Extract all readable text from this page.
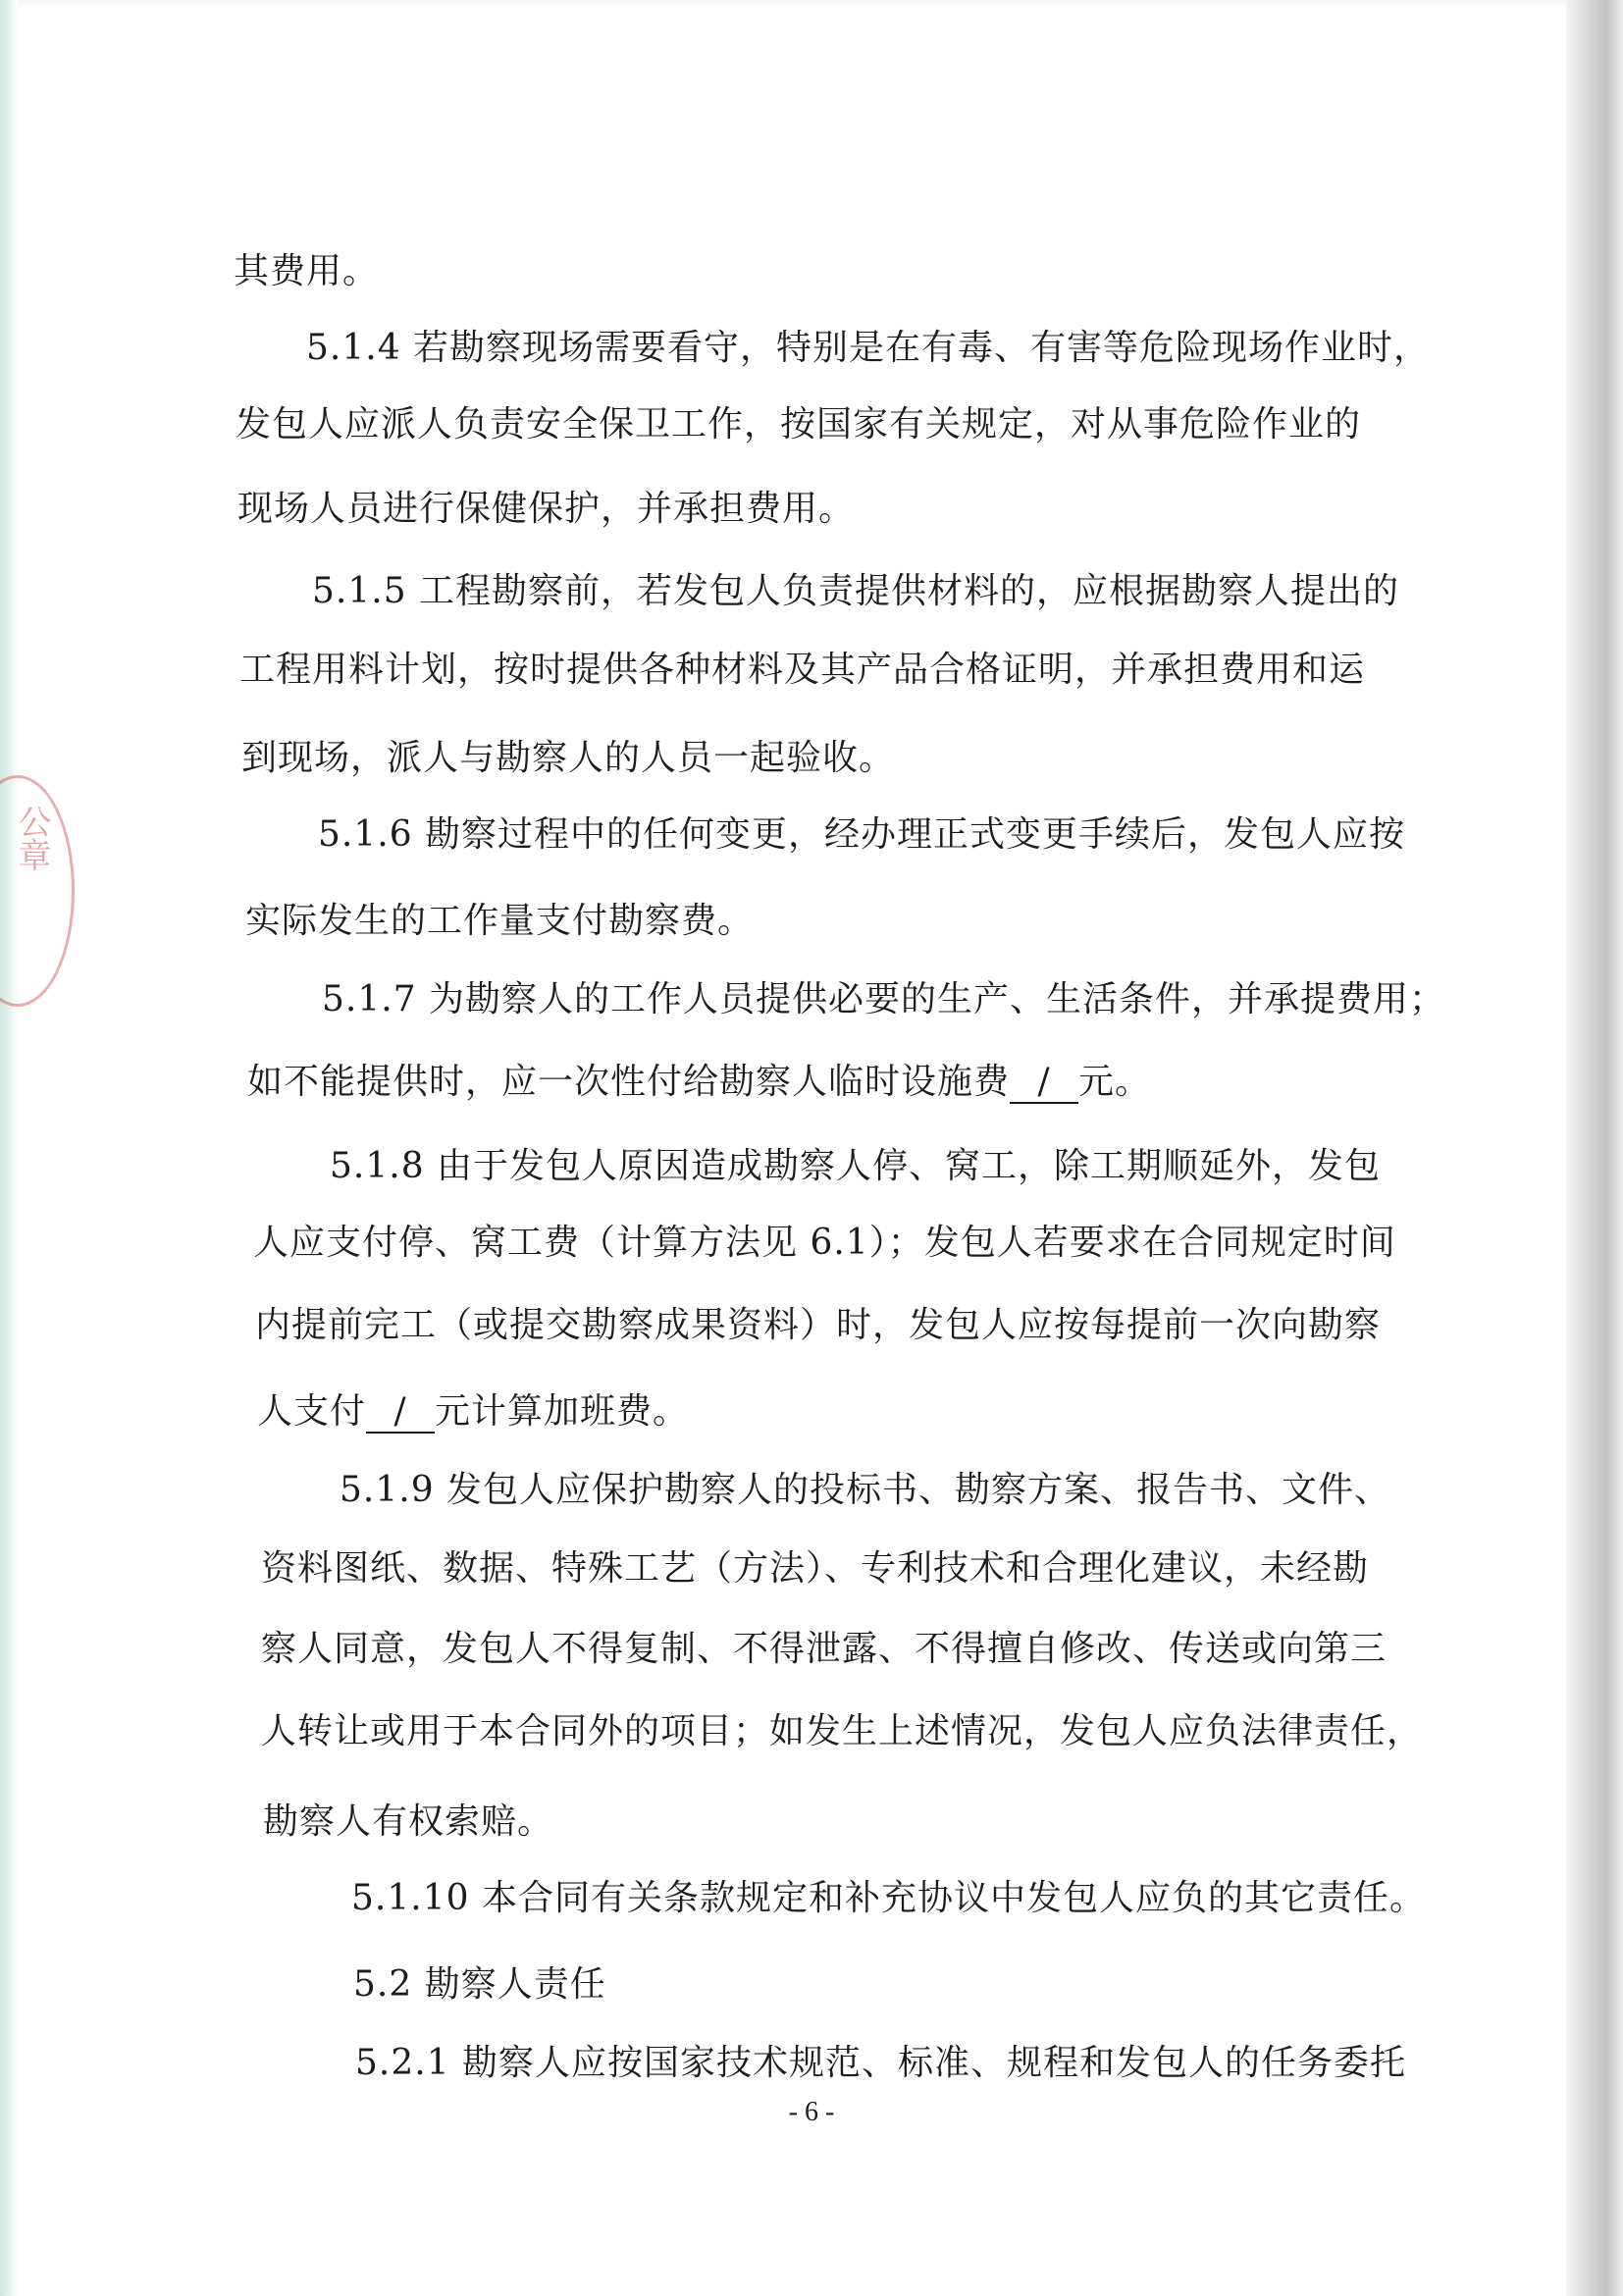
公章
其费用。
5.1.4 若勘察现场需要看守，特别是在有毒、有害等危险现场作业时，
发包人应派人负责安全保卫工作，按国家有关规定，对从事危险作业的
现场人员进行保健保护，并承担费用。
5.1.5 工程勘察前，若发包人负责提供材料的，应根据勘察人提出的
工程用料计划，按时提供各种材料及其产品合格证明，并承担费用和运
到现场，派人与勘察人的人员一起验收。
5.1.6 勘察过程中的任何变更，经办理正式变更手续后，发包人应按
实际发生的工作量支付勘察费。
5.1.7 为勘察人的工作人员提供必要的生产、生活条件，并承提费用；
如不能提供时，应一次性付给勘察人临时设施费 / 元。
5.1.8 由于发包人原因造成勘察人停、窝工，除工期顺延外，发包
人应支付停、窝工费（计算方法见 6.1）；发包人若要求在合同规定时间
内提前完工（或提交勘察成果资料）时，发包人应按每提前一次向勘察
人支付 / 元计算加班费。
5.1.9 发包人应保护勘察人的投标书、勘察方案、报告书、文件、
资料图纸、数据、特殊工艺（方法）、专利技术和合理化建议，未经勘
察人同意，发包人不得复制、不得泄露、不得擅自修改、传送或向第三
人转让或用于本合同外的项目；如发生上述情况，发包人应负法律责任，
勘察人有权索赔。
5.1.10 本合同有关条款规定和补充协议中发包人应负的其它责任。
5.2 勘察人责任
5.2.1 勘察人应按国家技术规范、标准、规程和发包人的任务委托
- 6 -
